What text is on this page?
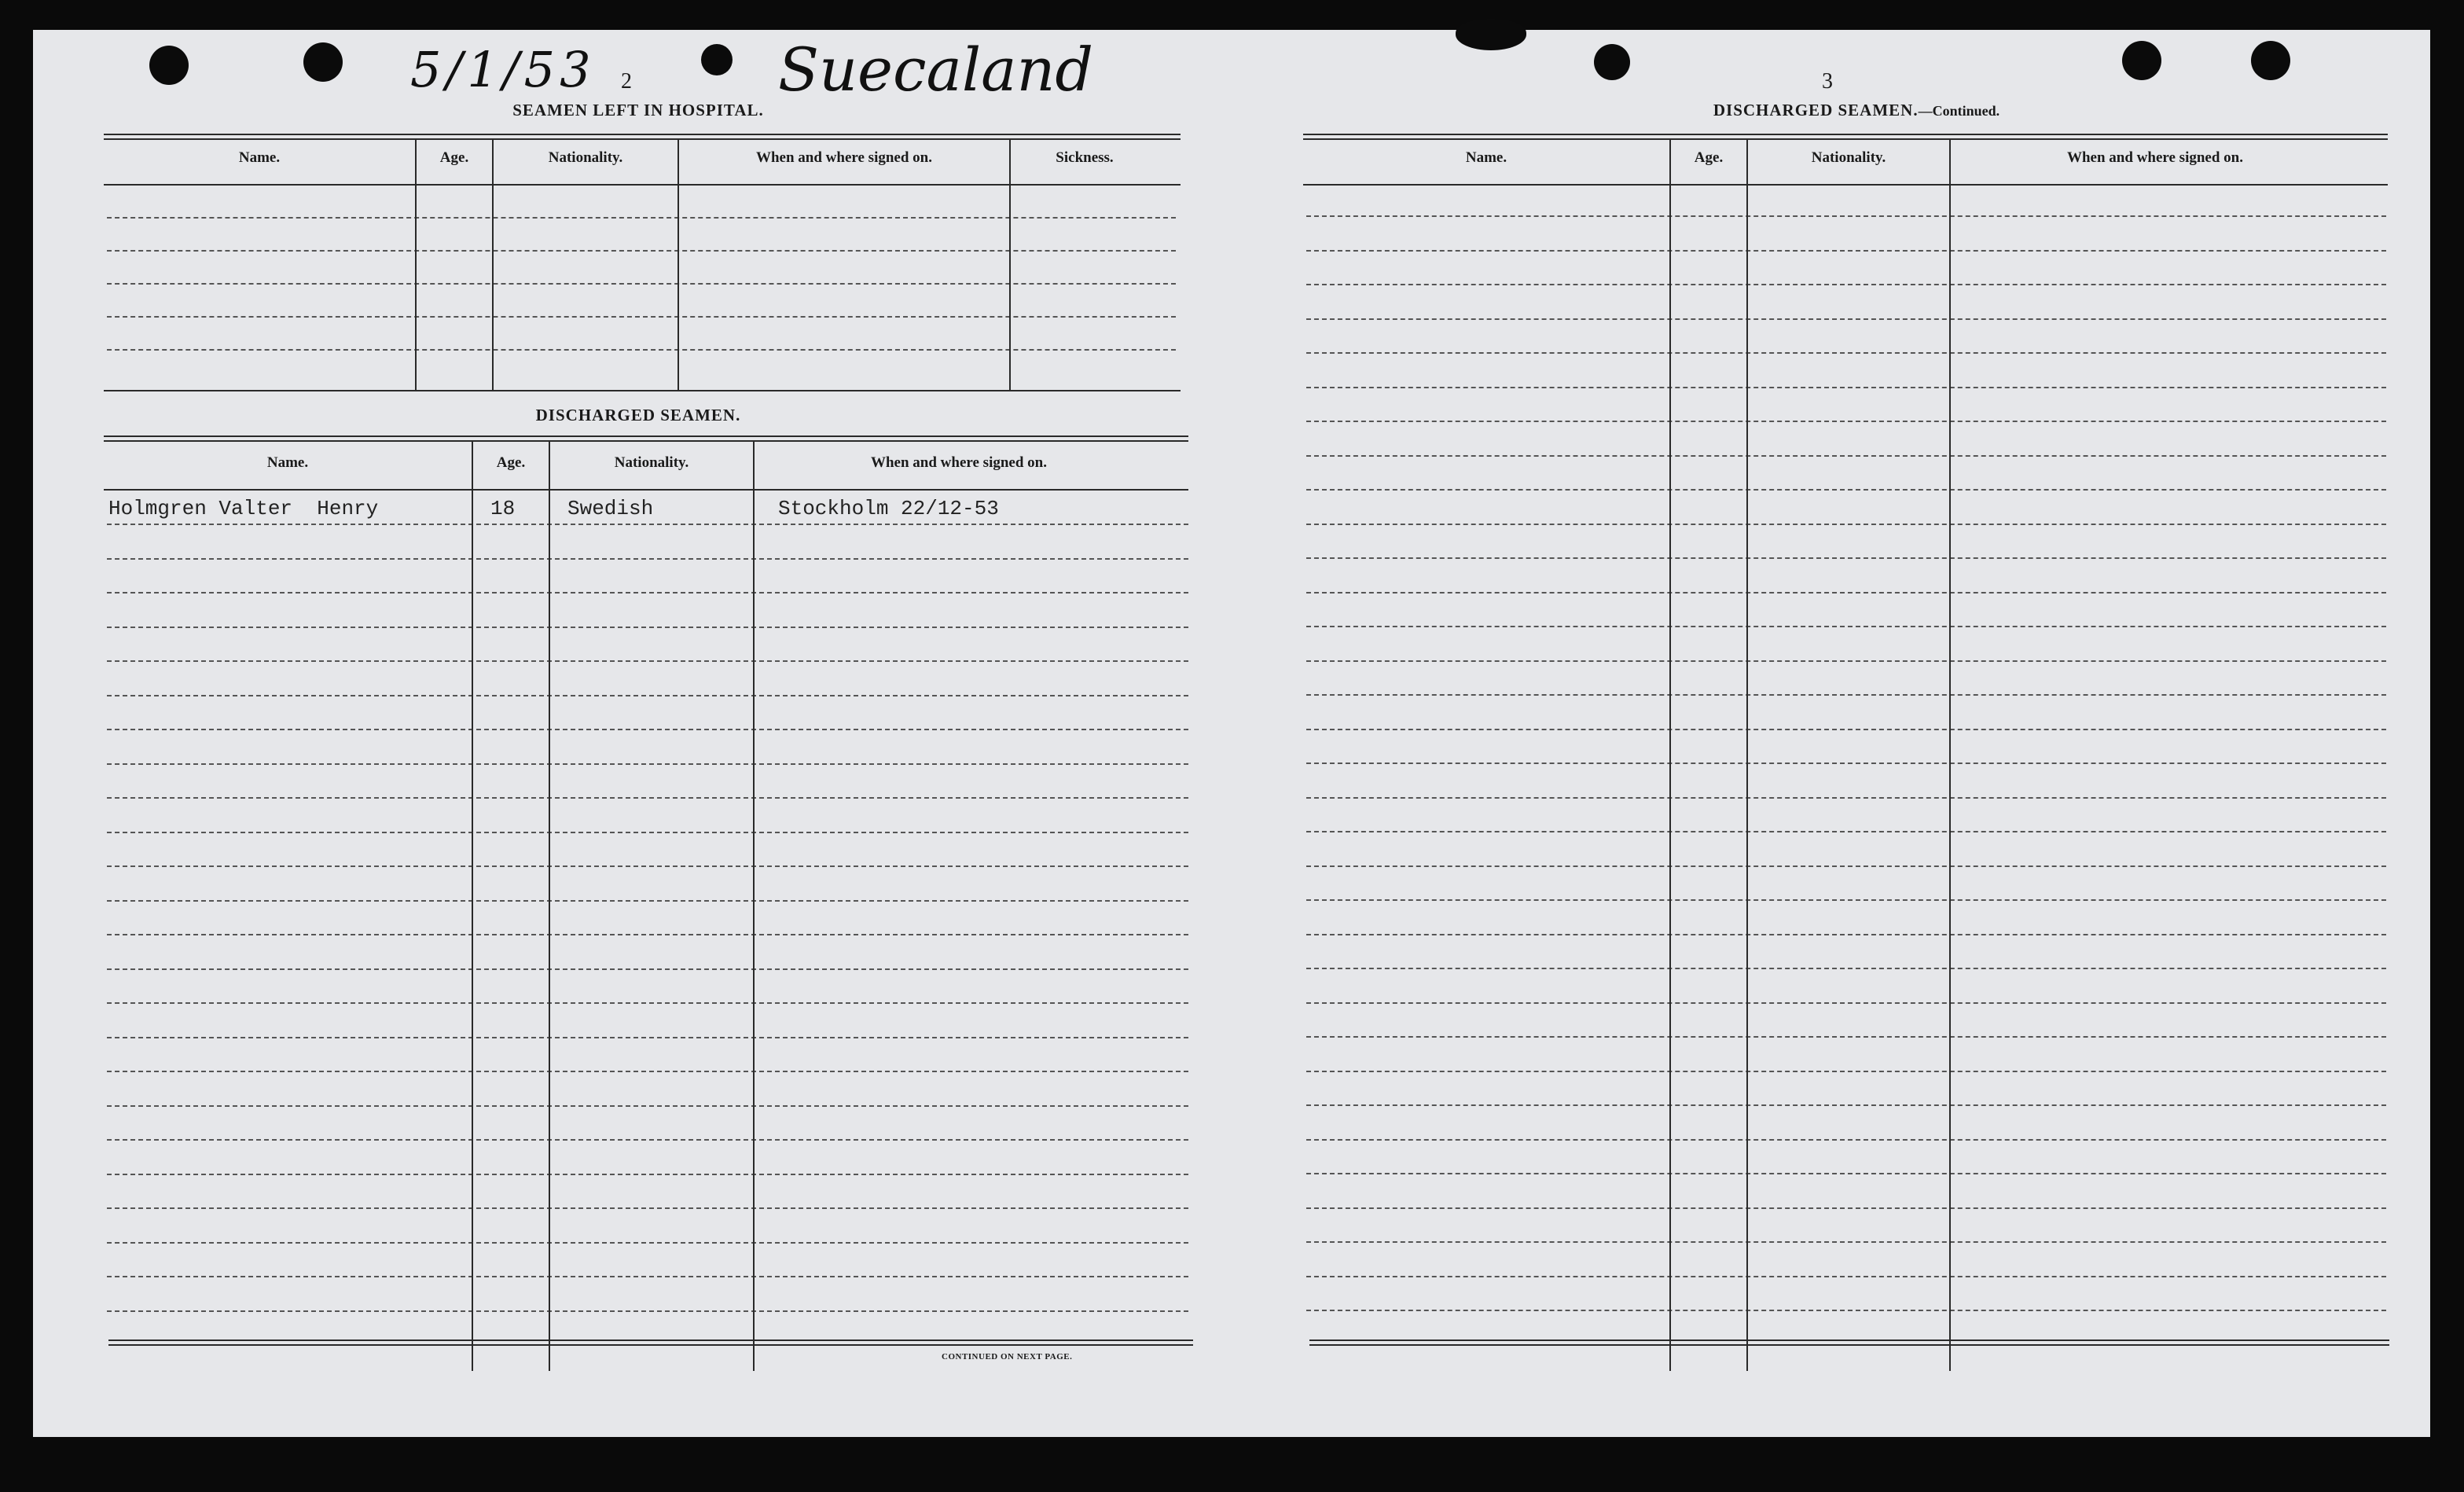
5/1/53	Suecaland
2
SEAMEN LEFT IN HOSPITAL.
Name.	Age.	Nationality.	When and where signed on.	Sickness.
DISCHARGED SEAMEN.
Name.	Age.	Nationality.	When and where signed on.
Holmgren Valter  Henry	18	Swedish	Stockholm 22/12-53
CONTINUED ON NEXT PAGE.
3
DISCHARGED SEAMEN.—Continued.
Name.	Age.	Nationality.	When and where signed on.
